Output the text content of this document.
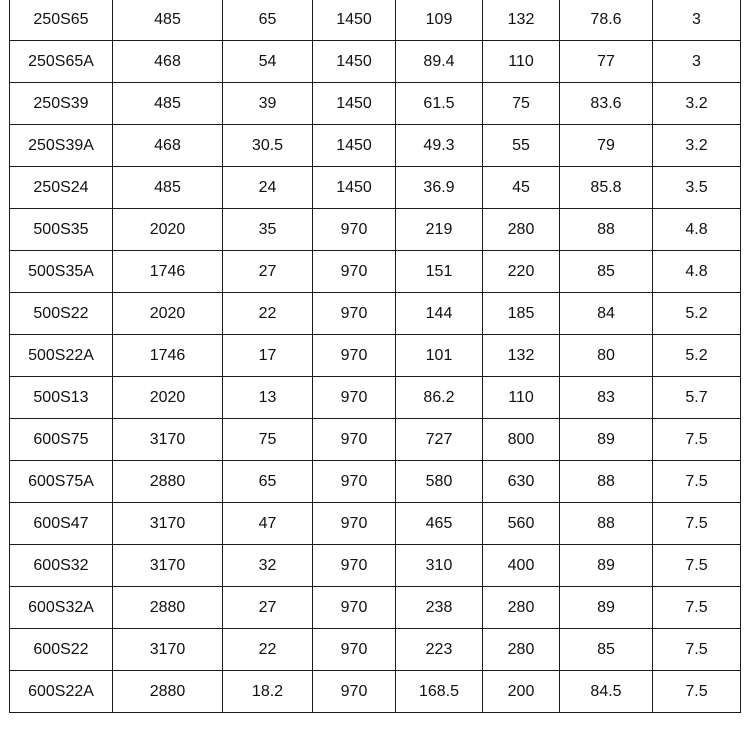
250S65	485	65	1450	109	132	78.6	3
250S65A	468	54	1450	89.4	110	77	3
250S39	485	39	1450	61.5	75	83.6	3.2
250S39A	468	30.5	1450	49.3	55	79	3.2
250S24	485	24	1450	36.9	45	85.8	3.5
500S35	2020	35	970	219	280	88	4.8
500S35A	1746	27	970	151	220	85	4.8
500S22	2020	22	970	144	185	84	5.2
500S22A	1746	17	970	101	132	80	5.2
500S13	2020	13	970	86.2	110	83	5.7
600S75	3170	75	970	727	800	89	7.5
600S75A	2880	65	970	580	630	88	7.5
600S47	3170	47	970	465	560	88	7.5
600S32	3170	32	970	310	400	89	7.5
600S32A	2880	27	970	238	280	89	7.5
600S22	3170	22	970	223	280	85	7.5
600S22A	2880	18.2	970	168.5	200	84.5	7.5
